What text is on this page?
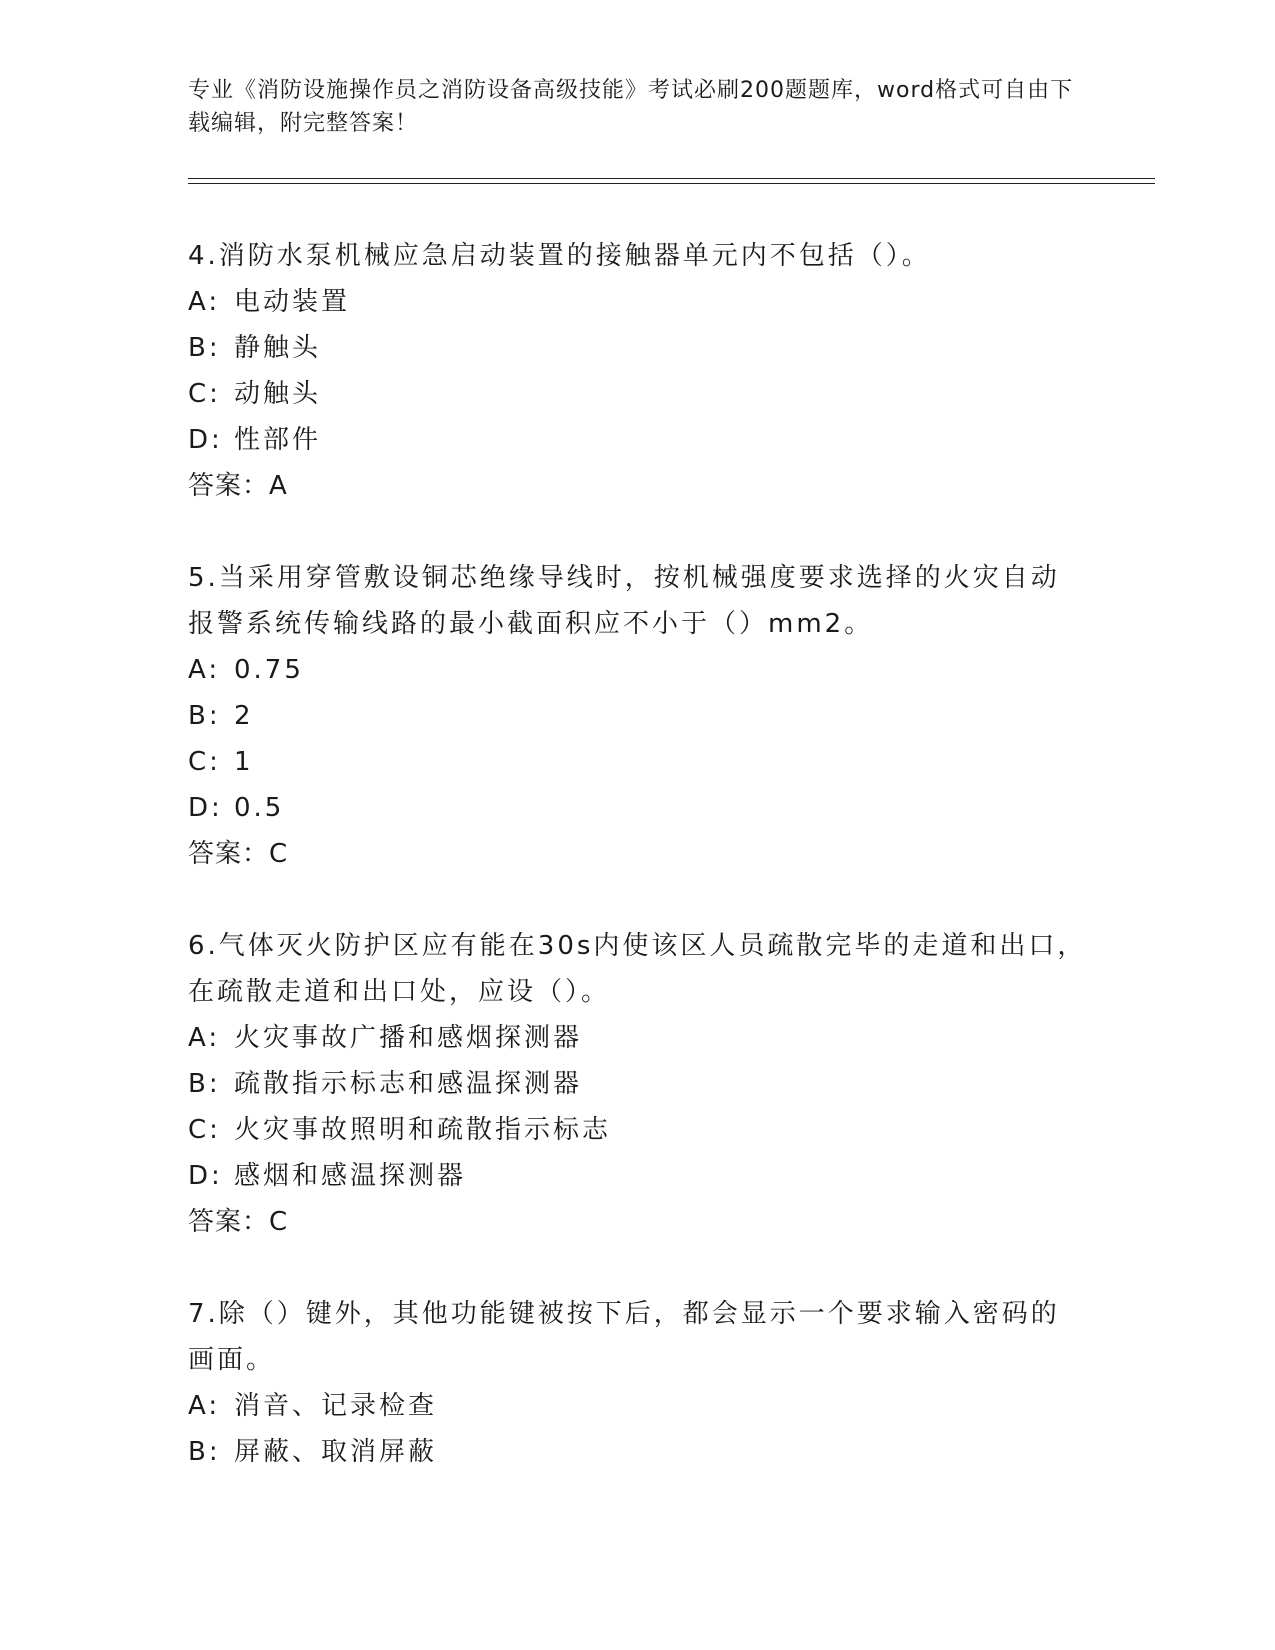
专业《消防设施操作员之消防设备高级技能》考试必刷200题题库，word格式可自由下载编辑，附完整答案！
4.消防水泵机械应急启动装置的接触器单元内不包括（）。
A: 电动装置
B: 静触头
C: 动触头
D: 性部件
答案：A
5.当采用穿管敷设铜芯绝缘导线时，按机械强度要求选择的火灾自动报警系统传输线路的最小截面积应不小于（）mm2。
A: 0.75
B: 2
C: 1
D: 0.5
答案：C
6.气体灭火防护区应有能在30s内使该区人员疏散完毕的走道和出口，在疏散走道和出口处，应设（）。
A: 火灾事故广播和感烟探测器
B: 疏散指示标志和感温探测器
C: 火灾事故照明和疏散指示标志
D: 感烟和感温探测器
答案：C
7.除（）键外，其他功能键被按下后，都会显示一个要求输入密码的画面。
A: 消音、记录检查
B: 屏蔽、取消屏蔽
